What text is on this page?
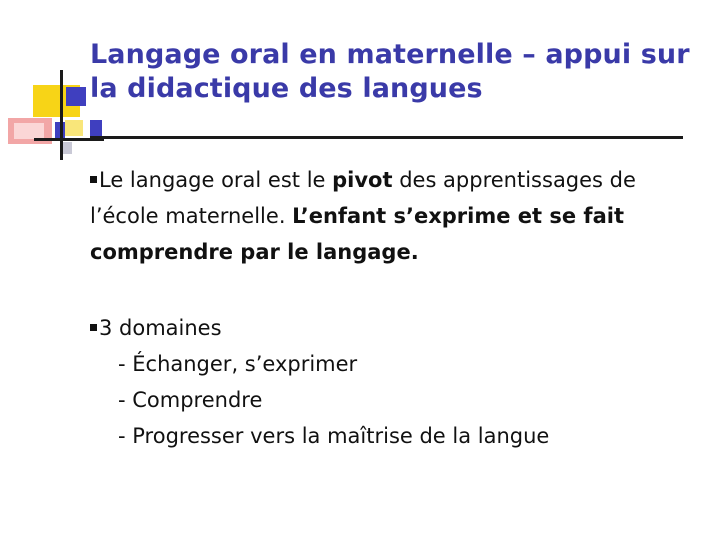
Langage oral en maternelle – appui sur la didactique des langues
Le langage oral est le pivot des apprentissages de l’école maternelle. L’enfant s’exprime et se fait comprendre par le langage.
3 domaines
- Échanger, s’exprimer
- Comprendre
- Progresser vers la maîtrise de la langue
